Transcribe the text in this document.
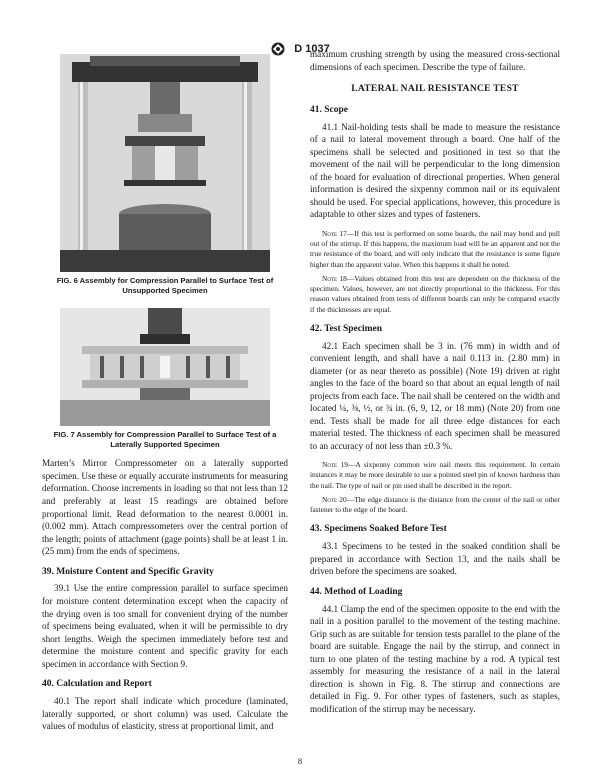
D 1037
FIG. 6 Assembly for Compression Parallel to Surface Test of Unsupported Specimen
FIG. 7 Assembly for Compression Parallel to Surface Test of a Laterally Supported Specimen

Marten’s Mirror Compressometer on a laterally supported specimen. Use these or equally accurate instruments for measuring deformation. Choose increments in loading so that not less than 12 and preferably at least 15 readings are obtained before proportional limit. Read deformation to the nearest 0.0001 in. (0.002 mm). Attach compressometers over the central portion of the length; points of attachment (gage points) shall be at least 1 in. (25 mm) from the ends of specimens.

39. Moisture Content and Specific Gravity

39.1 Use the entire compression parallel to surface specimen for moisture content determination except when the capacity of the drying oven is too small for convenient drying of the number of specimens being evaluated, when it will be permissible to dry short lengths. Weigh the specimen immediately before test and determine the moisture content and specific gravity for each specimen in accordance with Section 9.

40. Calculation and Report

40.1 The report shall indicate which procedure (laminated, laterally supported, or short column) was used. Calculate the values of modulus of elasticity, stress at proportional limit, and

maximum crushing strength by using the measured cross-sectional dimensions of each specimen. Describe the type of failure.

LATERAL NAIL RESISTANCE TEST
41. Scope

41.1 Nail-holding tests shall be made to measure the resistance of a nail to lateral movement through a board. One half of the specimens shall be selected and positioned in test so that the movement of the nail will be perpendicular to the long dimension of the board for evaluation of directional properties. When general information is desired the sixpenny common nail or its equivalent should be used. For special applications, however, this procedure is adaptable to other sizes and types of fasteners.

Note 17—If this test is performed on some boards, the nail may bend and pull out of the stirrup. If this happens, the maximum load will be an apparent and not the true resistance of the board, and will only indicate that the resistance is some figure higher than the apparent value. When this happens it shall be noted.

Note 18—Values obtained from this test are dependent on the thickness of the specimen. Values, however, are not directly proportional to the thickness. For this reason values obtained from tests of different boards can only be compared exactly if the thicknesses are equal.

42. Test Specimen

42.1 Each specimen shall be 3 in. (76 mm) in width and of convenient length, and shall have a nail 0.113 in. (2.80 mm) in diameter (or as near thereto as possible) (Note 19) driven at right angles to the face of the board so that about an equal length of nail projects from each face. The nail shall be centered on the width and located ¼, ⅜, ½, or ¾ in. (6, 9, 12, or 18 mm) (Note 20) from one end. Tests shall be made for all three edge distances for each material tested. The thickness of each specimen shall be measured to an accuracy of not less than ±0.3 %.

Note 19—A sixpenny common wire nail meets this requirement. In certain instances it may be more desirable to use a pointed steel pin of known hardness than the nail. The type of nail or pin used shall be described in the report.

Note 20—The edge distance is the distance from the center of the nail or other fastener to the edge of the board.

43. Specimens Soaked Before Test

43.1 Specimens to be tested in the soaked condition shall be prepared in accordance with Section 13, and the nails shall be driven before the specimens are soaked.

44. Method of Loading

44.1 Clamp the end of the specimen opposite to the end with the nail in a position parallel to the movement of the testing machine. Grip such as are suitable for tension tests parallel to the plane of the board are suitable. Engage the nail by the stirrup, and connect in turn to one platen of the testing machine by a rod. A typical test assembly for measuring the resistance of a nail in the lateral direction is shown in Fig. 8. The stirrup and connections are detailed in Fig. 9. For other types of fasteners, such as staples, modification of the stirrup may be necessary.

8
